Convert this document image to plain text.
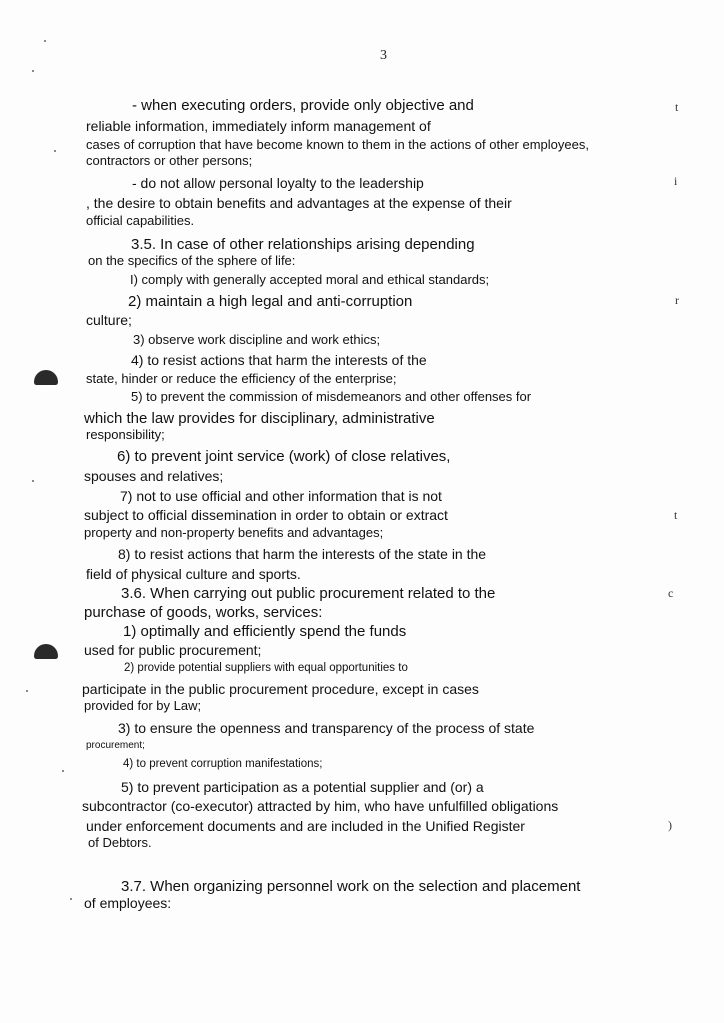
3
t
i
r
t
c
)
- when executing orders, provide only objective and
reliable information, immediately inform management of
cases of corruption that have become known to them in the actions of other employees,
contractors or other persons;
- do not allow personal loyalty to the leadership
, the desire to obtain benefits and advantages at the expense of their
official capabilities.
3.5. In case of other relationships arising depending
on the specifics of the sphere of life:
I) comply with generally accepted moral and ethical standards;
2) maintain a high legal and anti-corruption
culture;
3) observe work discipline and work ethics;
4) to resist actions that harm the interests of the
state, hinder or reduce the efficiency of the enterprise;
5) to prevent the commission of misdemeanors and other offenses for
which the law provides for disciplinary, administrative
responsibility;
6) to prevent joint service (work) of close relatives,
spouses and relatives;
7) not to use official and other information that is not
subject to official dissemination in order to obtain or extract
property and non-property benefits and advantages;
8) to resist actions that harm the interests of the state in the
field of physical culture and sports.
3.6. When carrying out public procurement related to the
purchase of goods, works, services:
1) optimally and efficiently spend the funds
used for public procurement;
2) provide potential suppliers with equal opportunities to
participate in the public procurement procedure, except in cases
provided for by Law;
3) to ensure the openness and transparency of the process of state
procurement;
4) to prevent corruption manifestations;
5) to prevent participation as a potential supplier and (or) a
subcontractor (co-executor) attracted by him, who have unfulfilled obligations
under enforcement documents and are included in the Unified Register
of Debtors.
3.7. When organizing personnel work on the selection and placement
of employees:
